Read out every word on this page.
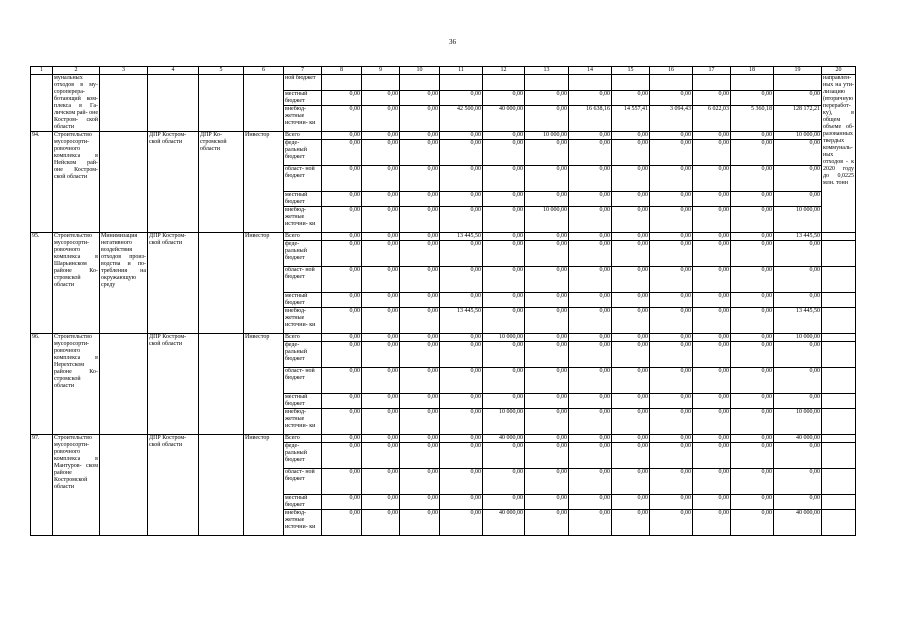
36
1	2	3	4	5	6	7	8	9	10	11	12	13	14	15	16	17	18	19	20
	мунальных отходов в му- сороперера- ботающий ком- плекса в Га- личском рай- оне Костром- ской области					ной бюджет													направлен- ных на ути- лизацию (вторичную переработ- ку), в общем объеме об- разованных твердых коммуналь- ных отходов - к 2020 году до 0,0225 млн. тонн
						местный бюджет	0,00	0,00	0,00	0,00	0,00	0,00	0,00	0,00	0,00	0,00	0,00	0,00	
						внебюд- жетные источни- ки	0,00	0,00	0,00	42 500,00	40 000,00	0,00	16 638,16	14 557,41	3 094,43	6 022,03	5 360,18	128 172,21	
94.	Строительство мусоросорти- ровочного комплекса в Нейском рай- оне Костром- ской области		ДПР Костром- ской области	ДПР Ко- стромской области	Инвестор	Всего	0,00	0,00	0,00	0,00	0,00	10 000,00	0,00	0,00	0,00	0,00	0,00	10 000,00	
						феде- ральный бюджет	0,00	0,00	0,00	0,00	0,00	0,00	0,00	0,00	0,00	0,00	0,00	0,00	
						област- ной бюджет	0,00	0,00	0,00	0,00	0,00	0,00	0,00	0,00	0,00	0,00	0,00	0,00	
						местный бюджет	0,00	0,00	0,00	0,00	0,00	0,00	0,00	0,00	0,00	0,00	0,00	0,00	
						внебюд- жетные источни- ки	0,00	0,00	0,00	0,00	0,00	10 000,00	0,00	0,00	0,00	0,00	0,00	10 000,00	
95.	Строительство мусоросорти- ровочного комплекса в Шарьинском районе Ко- стромской области	Минимизация негативного воздействия отходов произ- водства и по- требления на окружающую среду	ДПР Костром- ской области		Инвестор	Всего	0,00	0,00	0,00	13 445,50	0,00	0,00	0,00	0,00	0,00	0,00	0,00	13 445,50	
						феде- ральный бюджет	0,00	0,00	0,00	0,00	0,00	0,00	0,00	0,00	0,00	0,00	0,00	0,00	
						област- ной бюджет	0,00	0,00	0,00	0,00	0,00	0,00	0,00	0,00	0,00	0,00	0,00	0,00	
						местный бюджет	0,00	0,00	0,00	0,00	0,00	0,00	0,00	0,00	0,00	0,00	0,00	0,00	
						внебюд- жетные источни- ки	0,00	0,00	0,00	13 445,50	0,00	0,00	0,00	0,00	0,00	0,00	0,00	13 445,50	
96.	Строительство мусоросорти- ровочного комплекса в Нерехтском районе Ко- стромской области		ДПР Костром- ской области		Инвестор	Всего	0,00	0,00	0,00	0,00	10 000,00	0,00	0,00	0,00	0,00	0,00	0,00	10 000,00	
						феде- ральный бюджет	0,00	0,00	0,00	0,00	0,00	0,00	0,00	0,00	0,00	0,00	0,00	0,00	
						област- ной бюджет	0,00	0,00	0,00	0,00	0,00	0,00	0,00	0,00	0,00	0,00	0,00	0,00	
						местный бюджет	0,00	0,00	0,00	0,00	0,00	0,00	0,00	0,00	0,00	0,00	0,00	0,00	
						внебюд- жетные источни- ки	0,00	0,00	0,00	0,00	10 000,00	0,00	0,00	0,00	0,00	0,00	0,00	10 000,00	
97.	Строительство мусоросорти- ровочного комплекса в Мантуров- ском районе Костромской области		ДПР Костром- ской области		Инвестор	Всего	0,00	0,00	0,00	0,00	40 000,00	0,00	0,00	0,00	0,00	0,00	0,00	40 000,00	
						феде- ральный бюджет	0,00	0,00	0,00	0,00	0,00	0,00	0,00	0,00	0,00	0,00	0,00	0,00	
						област- ной бюджет	0,00	0,00	0,00	0,00	0,00	0,00	0,00	0,00	0,00	0,00	0,00	0,00	
						местный бюджет	0,00	0,00	0,00	0,00	0,00	0,00	0,00	0,00	0,00	0,00	0,00	0,00	
						внебюд- жетные источни- ки	0,00	0,00	0,00	0,00	40 000,00	0,00	0,00	0,00	0,00	0,00	0,00	40 000,00	
